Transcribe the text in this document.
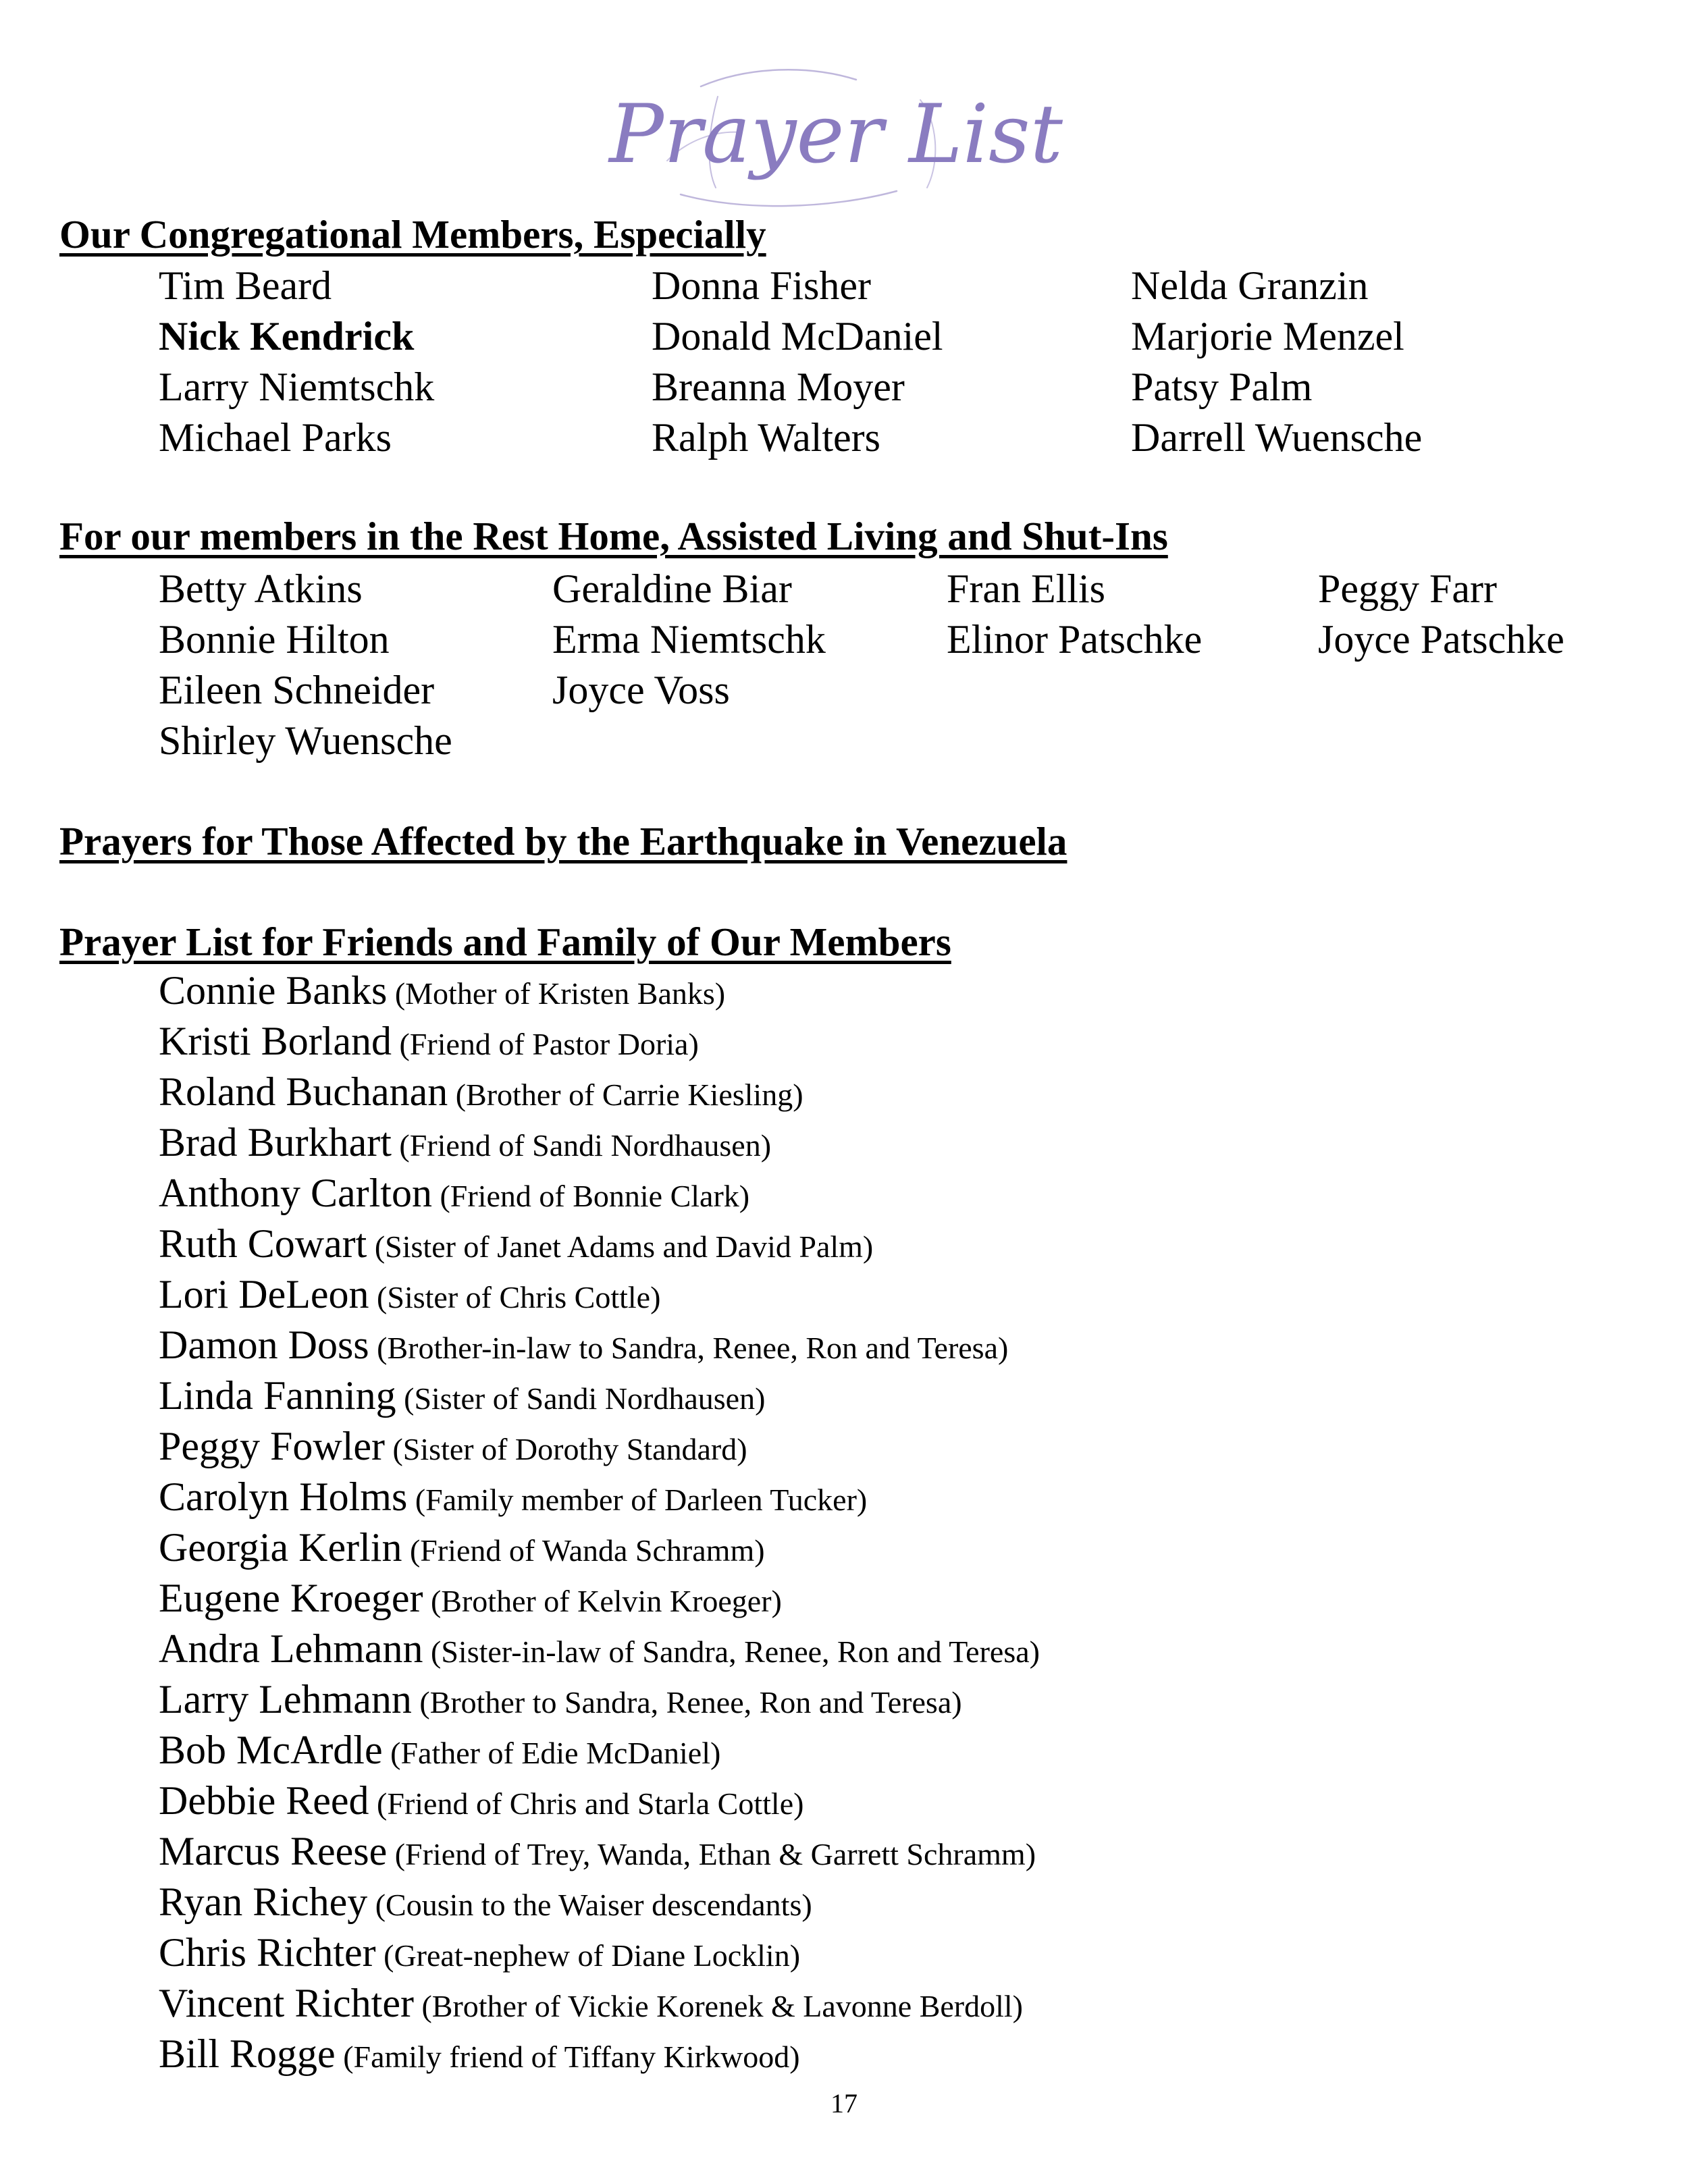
Prayer List
Our Congregational Members, Especially
Tim Beard	Donna Fisher	Nelda Granzin
Nick Kendrick	Donald McDaniel	Marjorie Menzel
Larry Niemtschk	Breanna Moyer	Patsy Palm
Michael Parks	Ralph Walters	Darrell Wuensche
For our members in the Rest Home, Assisted Living and Shut-Ins
Betty Atkins	Geraldine Biar	Fran Ellis	Peggy Farr
Bonnie Hilton	Erma Niemtschk	Elinor Patschke	Joyce Patschke
Eileen Schneider	Joyce Voss
Shirley Wuensche
Prayers for Those Affected by the Earthquake in Venezuela
Prayer List for Friends and Family of Our Members
Connie Banks (Mother of Kristen Banks)
Kristi Borland (Friend of Pastor Doria)
Roland Buchanan (Brother of Carrie Kiesling)
Brad Burkhart (Friend of Sandi Nordhausen)
Anthony Carlton (Friend of Bonnie Clark)
Ruth Cowart (Sister of Janet Adams and David Palm)
Lori DeLeon (Sister of Chris Cottle)
Damon Doss (Brother-in-law to Sandra, Renee, Ron and Teresa)
Linda Fanning (Sister of Sandi Nordhausen)
Peggy Fowler (Sister of Dorothy Standard)
Carolyn Holms (Family member of Darleen Tucker)
Georgia Kerlin (Friend of Wanda Schramm)
Eugene Kroeger (Brother of Kelvin Kroeger)
Andra Lehmann (Sister-in-law of Sandra, Renee, Ron and Teresa)
Larry Lehmann (Brother to Sandra, Renee, Ron and Teresa)
Bob McArdle (Father of Edie McDaniel)
Debbie Reed (Friend of Chris and Starla Cottle)
Marcus Reese (Friend of Trey, Wanda, Ethan & Garrett Schramm)
Ryan Richey (Cousin to the Waiser descendants)
Chris Richter (Great-nephew of Diane Locklin)
Vincent Richter (Brother of Vickie Korenek & Lavonne Berdoll)
Bill Rogge (Family friend of Tiffany Kirkwood)
17
